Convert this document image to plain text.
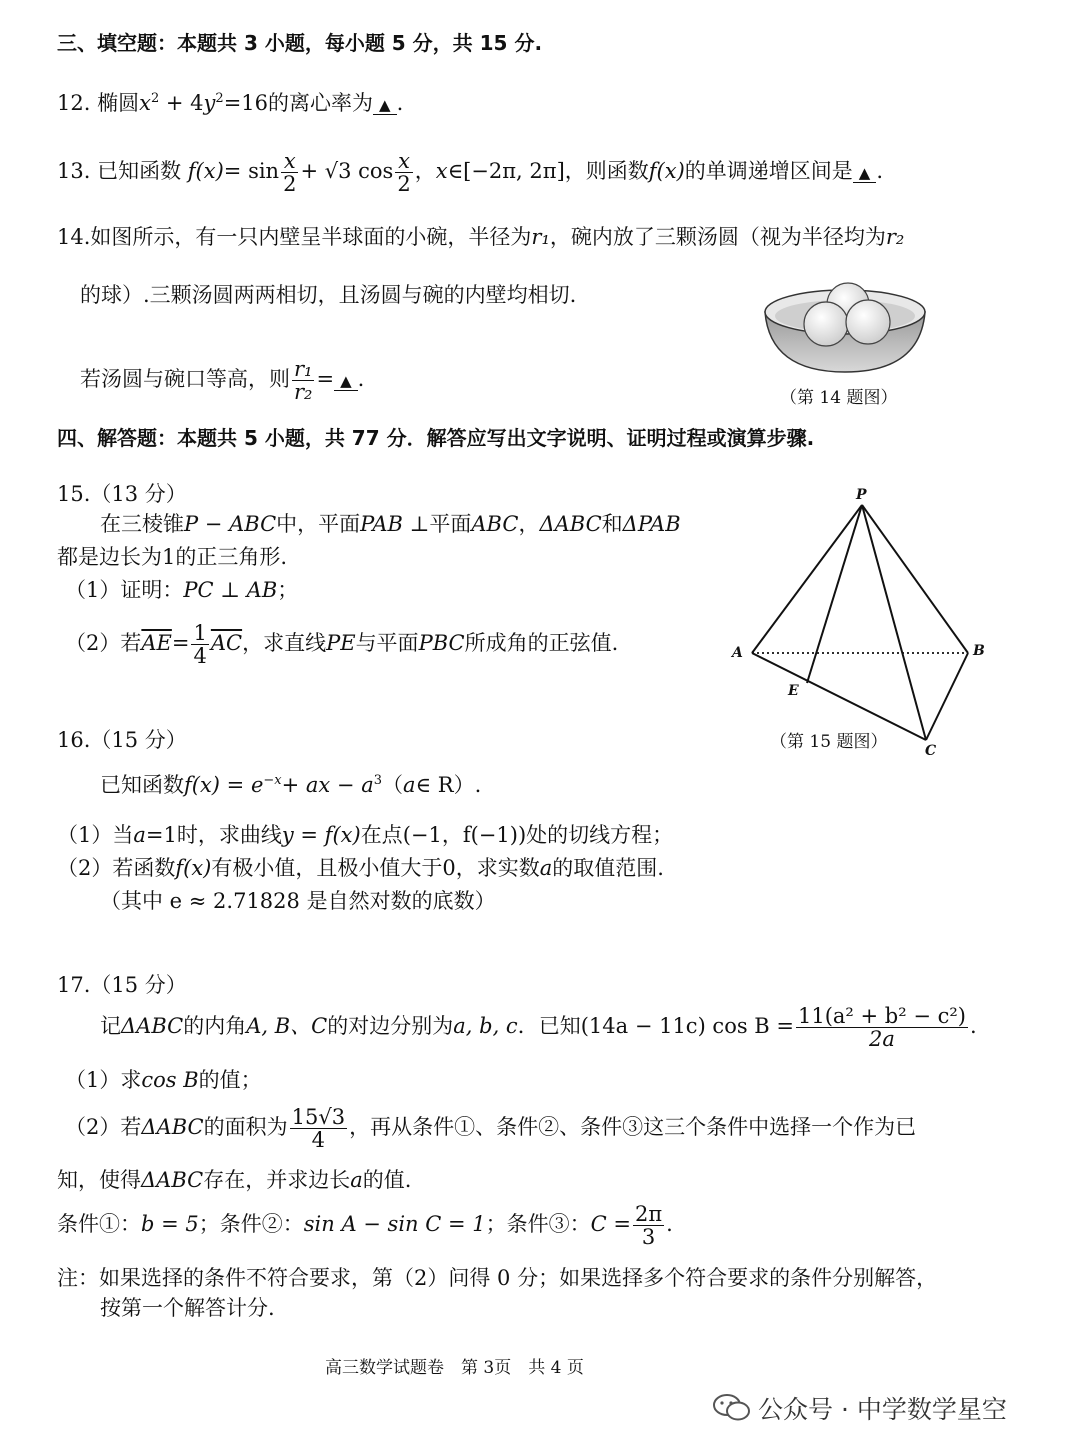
三、填空题：本题共 3 小题，每小题 5 分，共 15 分.
12. 椭圆$x^2 + 4y^2=16$的离心率为 ▲ .
13. 已知函数 $f(x)= \sin \frac{x}{2} + √3$ $\cos \frac{x}{2}$ ，x∈[−2π, 2π]，则函数f(x)的单调递增区间是 ▲ .
14.如图所示，有一只内壁呈半球面的小碗，半径为r₁，碗内放了三颗汤圆（视为半径均为r₂
的球）.三颗汤圆两两相切，且汤圆与碗的内壁均相切.
若汤圆与碗口等高，则 $\frac{\text{r₁}}{\text{r₂}}$ = ▲ .
（第 14 题图）
四、解答题：本题共 5 小题，共 77 分．解答应写出文字说明、证明过程或演算步骤.
15.（13 分）
在三棱锥P − ABC中，平面PAB ⊥平面ABC，ΔABC和ΔPAB
都是边长为1的正三角形.
（1）证明：PC ⊥ AB；
（2）若$\overline{AE}= \frac{1}{4} \overline{AC}$，求直线PE与平面PBC所成角的正弦值.
P
A	B
C
E
（第 15 题图）
16.（15 分）
已知函数$f(x) = e^{-x}+$ ax − $a^3(a\in$ R）.
（1）当a=1时，求曲线y = f(x)在点(−1，f(−1))处的切线方程；
（2）若函数f(x)有极小值，且极小值大于0，求实数a的取值范围.
（其中 e ≈ 2.71828 是自然对数的底数）
17.（15 分）
记ΔABC的内角A, B、C的对边分别为a, b, c．已知(14a − 11c) $\cos B = \frac{\text{11(a² + b² − c²)}}{2a}$ .
（1）求cos B的值；
（2）若ΔABC的面积为 $\frac{15√3}{4}$ ，再从条件①、条件②、条件③这三个条件中选择一个作为已
知，使得ΔABC存在，并求边长a的值.
条件①：b = 5；条件②：sin A − sin C = 1；条件③：$C = \frac{2\pi}{3}$ .
注：如果选择的条件不符合要求，第（2）问得 0 分；如果选择多个符合要求的条件分别解答，
按第一个解答计分.
高三数学试题卷　第 3页　共 4 页
公众号 · 中学数学星空
